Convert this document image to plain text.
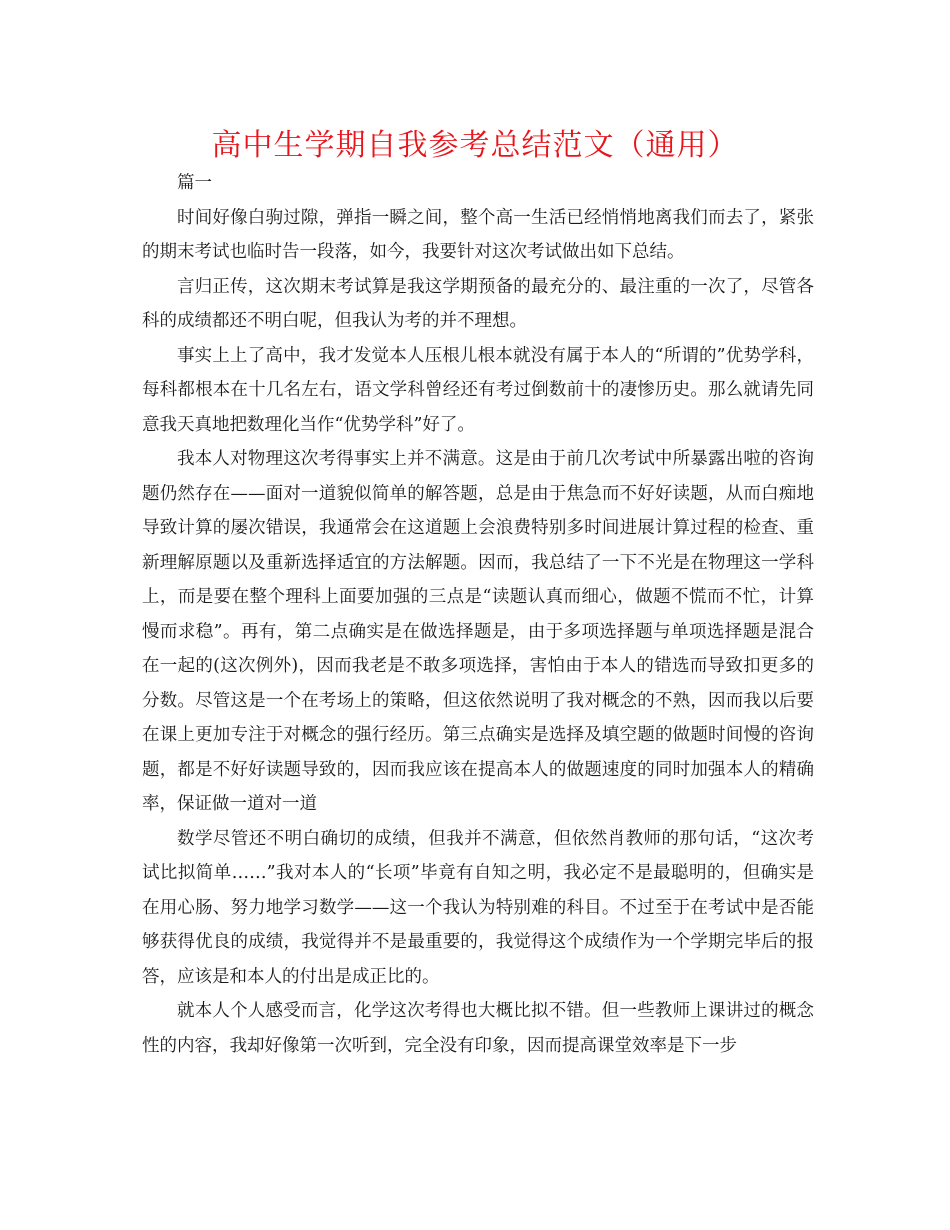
高中生学期自我参考总结范文（通用）

篇一

时间好像白驹过隙，弹指一瞬之间，整个高一生活已经悄悄地离我们而去了，紧张的期末考试也临时告一段落，如今，我要针对这次考试做出如下总结。

言归正传，这次期末考试算是我这学期预备的最充分的、最注重的一次了，尽管各科的成绩都还不明白呢，但我认为考的并不理想。

事实上上了高中，我才发觉本人压根儿根本就没有属于本人的“所谓的”优势学科，每科都根本在十几名左右，语文学科曾经还有考过倒数前十的凄惨历史。那么就请先同意我天真地把数理化当作“优势学科”好了。

我本人对物理这次考得事实上并不满意。这是由于前几次考试中所暴露出啦的咨询题仍然存在——面对一道貌似简单的解答题，总是由于焦急而不好好读题，从而白痴地导致计算的屡次错误，我通常会在这道题上会浪费特别多时间进展计算过程的检查、重新理解原题以及重新选择适宜的方法解题。因而，我总结了一下不光是在物理这一学科上，而是要在整个理科上面要加强的三点是“读题认真而细心，做题不慌而不忙，计算慢而求稳”。再有，第二点确实是在做选择题是，由于多项选择题与单项选择题是混合在一起的(这次例外)，因而我老是不敢多项选择，害怕由于本人的错选而导致扣更多的分数。尽管这是一个在考场上的策略，但这依然说明了我对概念的不熟，因而我以后要在课上更加专注于对概念的强行经历。第三点确实是选择及填空题的做题时间慢的咨询题，都是不好好读题导致的，因而我应该在提高本人的做题速度的同时加强本人的精确率，保证做一道对一道

数学尽管还不明白确切的成绩，但我并不满意，但依然肖教师的那句话，“这次考试比拟简单……”我对本人的“长项”毕竟有自知之明，我必定不是最聪明的，但确实是在用心肠、努力地学习数学——这一个我认为特别难的科目。不过至于在考试中是否能够获得优良的成绩，我觉得并不是最重要的，我觉得这个成绩作为一个学期完毕后的报答，应该是和本人的付出是成正比的。

就本人个人感受而言，化学这次考得也大概比拟不错。但一些教师上课讲过的概念性的内容，我却好像第一次听到，完全没有印象，因而提高课堂效率是下一步
